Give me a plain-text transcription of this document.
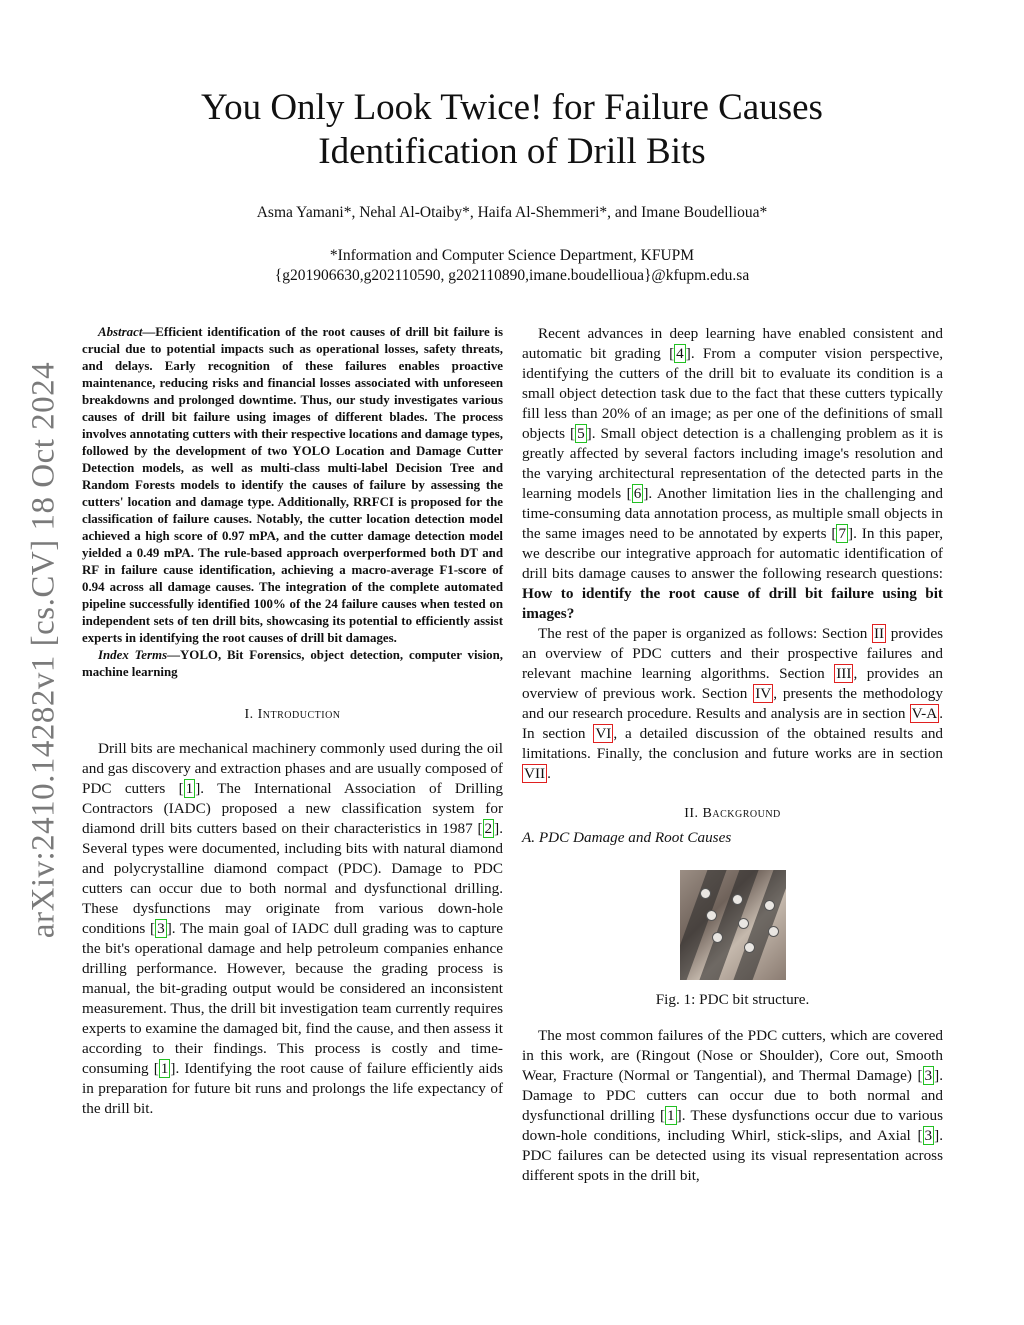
arXiv:2410.14282v1 [cs.CV] 18 Oct 2024
You Only Look Twice! for Failure Causes
Identification of Drill Bits
Asma Yamani*, Nehal Al-Otaiby*, Haifa Al-Shemmeri*, and Imane Boudellioua*
*Information and Computer Science Department, KFUPM
{g201906630,g202110590, g202110890,imane.boudellioua}@kfupm.edu.sa

Abstract—Efficient identification of the root causes of drill bit failure is crucial due to potential impacts such as operational losses, safety threats, and delays. Early recognition of these failures enables proactive maintenance, reducing risks and financial losses associated with unforeseen breakdowns and prolonged downtime. Thus, our study investigates various causes of drill bit failure using images of different blades. The process involves annotating cutters with their respective locations and damage types, followed by the development of two YOLO Location and Damage Cutter Detection models, as well as multi-class multi-label Decision Tree and Random Forests models to identify the causes of failure by assessing the cutters' location and damage type. Additionally, RRFCI is proposed for the classification of failure causes. Notably, the cutter location detection model achieved a high score of 0.97 mPA, and the cutter damage detection model yielded a 0.49 mPA. The rule-based approach overperformed both DT and RF in failure cause identification, achieving a macro-average F1-score of 0.94 across all damage causes. The integration of the complete automated pipeline successfully identified 100% of the 24 failure causes when tested on independent sets of ten drill bits, showcasing its potential to efficiently assist experts in identifying the root causes of drill bit damages.

Index Terms—YOLO, Bit Forensics, object detection, computer vision, machine learning

I. Introduction

Drill bits are mechanical machinery commonly used during the oil and gas discovery and extraction phases and are usually composed of PDC cutters [ 1 ]. The International Association of Drilling Contractors (IADC) proposed a new classification system for diamond drill bits cutters based on their characteristics in 1987 [ 2 ]. Several types were documented, including bits with natural diamond and polycrystalline diamond compact (PDC). Damage to PDC cutters can occur due to both normal and dysfunctional drilling. These dysfunctions may originate from various down-hole conditions [ 3 ]. The main goal of IADC dull grading was to capture the bit's operational damage and help petroleum companies enhance drilling performance. However, because the grading process is manual, the bit-grading output would be considered an inconsistent measurement. Thus, the drill bit investigation team currently requires experts to examine the damaged bit, find the cause, and then assess it according to their findings. This process is costly and time-consuming [ 1 ]. Identifying the root cause of failure efficiently aids in preparation for future bit runs and prolongs the life expectancy of the drill bit.

Recent advances in deep learning have enabled consistent and automatic bit grading [ 4 ]. From a computer vision perspective, identifying the cutters of the drill bit to evaluate its condition is a small object detection task due to the fact that these cutters typically fill less than 20% of an image; as per one of the definitions of small objects [ 5 ]. Small object detection is a challenging problem as it is greatly affected by several factors including image's resolution and the varying architectural representation of the detected parts in the learning models [ 6 ]. Another limitation lies in the challenging and time-consuming data annotation process, as multiple small objects in the same images need to be annotated by experts [ 7 ]. In this paper, we describe our integrative approach for automatic identification of drill bits damage causes to answer the following research questions: How to identify the root cause of drill bit failure using bit images?

The rest of the paper is organized as follows: Section II provides an overview of PDC cutters and their prospective failures and relevant machine learning algorithms. Section III , provides an overview of previous work. Section IV , presents the methodology and our research procedure. Results and analysis are in section V-A . In section VI , a detailed discussion of the obtained results and limitations. Finally, the conclusion and future works are in section VII .

II. Background
A. PDC Damage and Root Causes
Fig. 1: PDC bit structure.

The most common failures of the PDC cutters, which are covered in this work, are (Ringout (Nose or Shoulder), Core out, Smooth Wear, Fracture (Normal or Tangential), and Thermal Damage) [ 3 ]. Damage to PDC cutters can occur due to both normal and dysfunctional drilling [ 1 ]. These dysfunctions occur due to various down-hole conditions, including Whirl, stick-slips, and Axial [ 3 ]. PDC failures can be detected using its visual representation across different spots in the drill bit,
